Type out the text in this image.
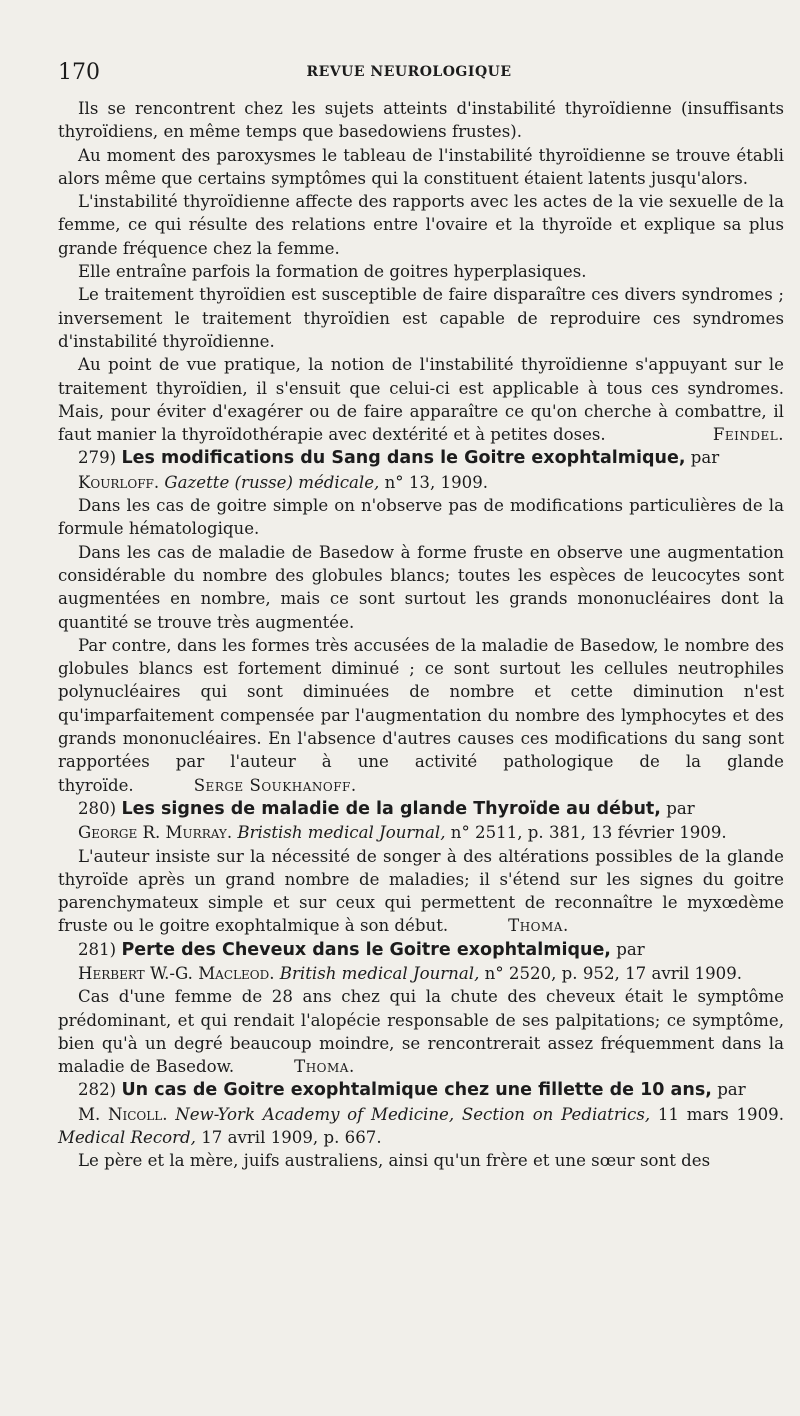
170	REVUE NEUROLOGIQUE

Ils se rencontrent chez les sujets atteints d'instabilité thyroïdienne (insuffisants thyroïdiens, en même temps que basedowiens frustes).

Au moment des paroxysmes le tableau de l'instabilité thyroïdienne se trouve établi alors même que certains symptômes qui la constituent étaient latents jusqu'alors.

L'instabilité thyroïdienne affecte des rapports avec les actes de la vie sexuelle de la femme, ce qui résulte des relations entre l'ovaire et la thyroïde et explique sa plus grande fréquence chez la femme.

Elle entraîne parfois la formation de goitres hyperplasiques.

Le traitement thyroïdien est susceptible de faire disparaître ces divers syndromes ; inversement le traitement thyroïdien est capable de reproduire ces syndromes d'instabilité thyroïdienne.

Au point de vue pratique, la notion de l'instabilité thyroïdienne s'appuyant sur le traitement thyroïdien, il s'ensuit que celui-ci est applicable à tous ces syndromes. Mais, pour éviter d'exagérer ou de faire apparaître ce qu'on cherche à combattre, il faut manier la thyroïdothérapie avec dextérité et à petites doses.	Feindel.

279) Les modifications du Sang dans le Goitre exophtalmique, par

Kourloff. Gazette (russe) médicale, n° 13, 1909.

Dans les cas de goitre simple on n'observe pas de modifications particulières de la formule hématologique.

Dans les cas de maladie de Basedow à forme fruste en observe une augmentation considérable du nombre des globules blancs; toutes les espèces de leucocytes sont augmentées en nombre, mais ce sont surtout les grands mononucléaires dont la quantité se trouve très augmentée.

Par contre, dans les formes très accusées de la maladie de Basedow, le nombre des globules blancs est fortement diminué ; ce sont surtout les cellules neutrophiles polynucléaires qui sont diminuées de nombre et cette diminution n'est qu'imparfaitement compensée par l'augmentation du nombre des lymphocytes et des grands mononucléaires. En l'absence d'autres causes ces modifications du sang sont rapportées par l'auteur à une activité pathologique de la glande thyroïde.	Serge Soukhanoff.

280) Les signes de maladie de la glande Thyroïde au début, par

George R. Murray. Bristish medical Journal, n° 2511, p. 381, 13 février 1909.

L'auteur insiste sur la nécessité de songer à des altérations possibles de la glande thyroïde après un grand nombre de maladies; il s'étend sur les signes du goitre parenchymateux simple et sur ceux qui permettent de reconnaître le myxœdème fruste ou le goitre exophtalmique à son début.	Thoma.

281) Perte des Cheveux dans le Goitre exophtalmique, par

Herbert W.-G. Macleod. British medical Journal, n° 2520, p. 952, 17 avril 1909.

Cas d'une femme de 28 ans chez qui la chute des cheveux était le symptôme prédominant, et qui rendait l'alopécie responsable de ses palpitations; ce symptôme, bien qu'à un degré beaucoup moindre, se rencontrerait assez fréquemment dans la maladie de Basedow.	Thoma.

282) Un cas de Goitre exophtalmique chez une fillette de 10 ans, par

M. Nicoll. New-York Academy of Medicine, Section on Pediatrics, 11 mars 1909. Medical Record, 17 avril 1909, p. 667.

Le père et la mère, juifs australiens, ainsi qu'un frère et une sœur sont des
